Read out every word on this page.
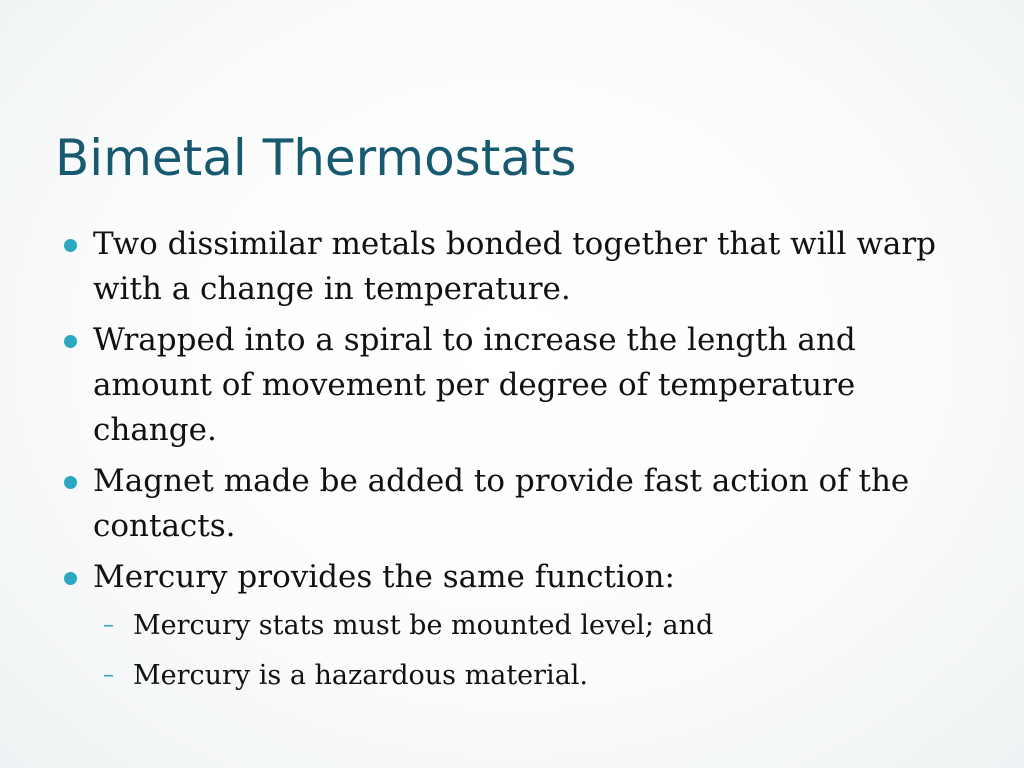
Bimetal Thermostats
Two dissimilar metals bonded together that will warp with a change in temperature.
Wrapped into a spiral to increase the length and amount of movement per degree of temperature change.
Magnet made be added to provide fast action of the contacts.
Mercury provides the same function:
– Mercury stats must be mounted level; and
– Mercury is a hazardous material.
